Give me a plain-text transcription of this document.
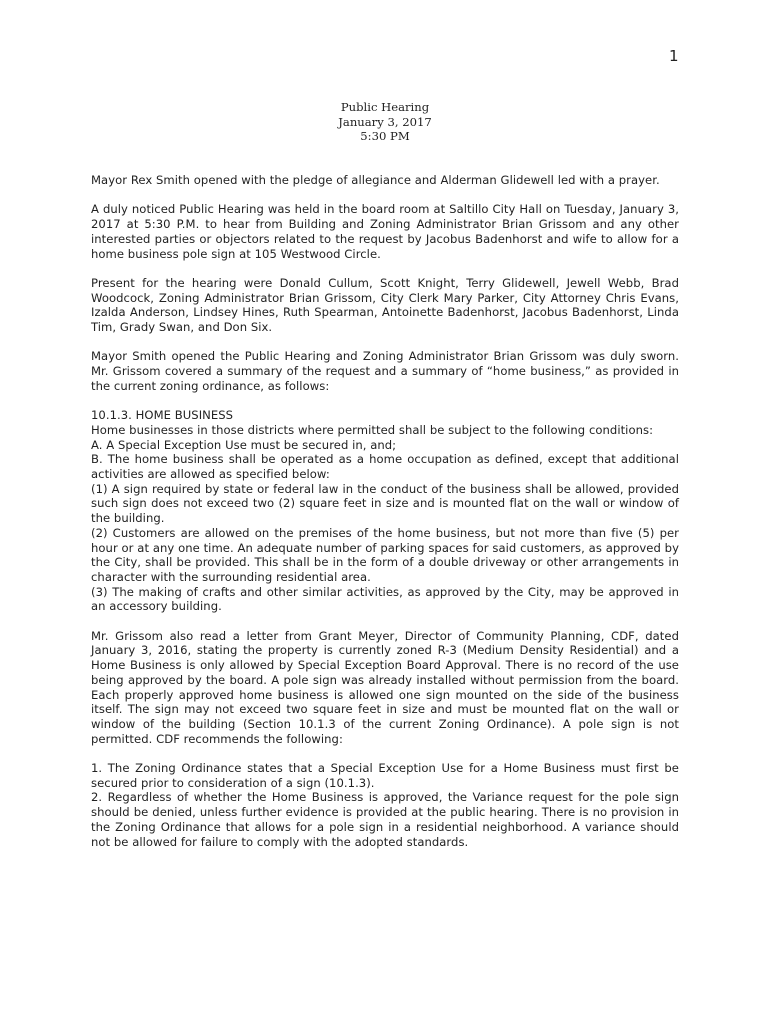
1
Public Hearing
January 3, 2017
5:30 PM

Mayor Rex Smith opened with the pledge of allegiance and Alderman Glidewell led with a prayer.

A duly noticed Public Hearing was held in the board room at Saltillo City Hall on Tuesday, January 3, 2017 at 5:30 P.M. to hear from Building and Zoning Administrator Brian Grissom and any other interested parties or objectors related to the request by Jacobus Badenhorst and wife to allow for a home business pole sign at 105 Westwood Circle.

Present for the hearing were Donald Cullum, Scott Knight, Terry Glidewell, Jewell Webb, Brad Woodcock, Zoning Administrator Brian Grissom, City Clerk Mary Parker, City Attorney Chris Evans, Izalda Anderson, Lindsey Hines, Ruth Spearman, Antoinette Badenhorst, Jacobus Badenhorst, Linda Tim, Grady Swan, and Don Six.

Mayor Smith opened the Public Hearing and Zoning Administrator Brian Grissom was duly sworn. Mr. Grissom covered a summary of the request and a summary of “home business,” as provided in the current zoning ordinance, as follows:

10.1.3. HOME BUSINESS
Home businesses in those districts where permitted shall be subject to the following conditions:
A. A Special Exception Use must be secured in, and;
B. The home business shall be operated as a home occupation as defined, except that additional activities are allowed as specified below:
(1) A sign required by state or federal law in the conduct of the business shall be allowed, provided such sign does not exceed two (2) square feet in size and is mounted flat on the wall or window of the building.
(2) Customers are allowed on the premises of the home business, but not more than five (5) per hour or at any one time. An adequate number of parking spaces for said customers, as approved by the City, shall be provided. This shall be in the form of a double driveway or other arrangements in character with the surrounding residential area.
(3) The making of crafts and other similar activities, as approved by the City, may be approved in an accessory building.

Mr. Grissom also read a letter from Grant Meyer, Director of Community Planning, CDF, dated January 3, 2016, stating the property is currently zoned R-3 (Medium Density Residential) and a Home Business is only allowed by Special Exception Board Approval. There is no record of the use being approved by the board. A pole sign was already installed without permission from the board. Each properly approved home business is allowed one sign mounted on the side of the business itself. The sign may not exceed two square feet in size and must be mounted flat on the wall or window of the building (Section 10.1.3 of the current Zoning Ordinance). A pole sign is not permitted. CDF recommends the following:

1. The Zoning Ordinance states that a Special Exception Use for a Home Business must first be secured prior to consideration of a sign (10.1.3).
2. Regardless of whether the Home Business is approved, the Variance request for the pole sign should be denied, unless further evidence is provided at the public hearing. There is no provision in the Zoning Ordinance that allows for a pole sign in a residential neighborhood. A variance should not be allowed for failure to comply with the adopted standards.
